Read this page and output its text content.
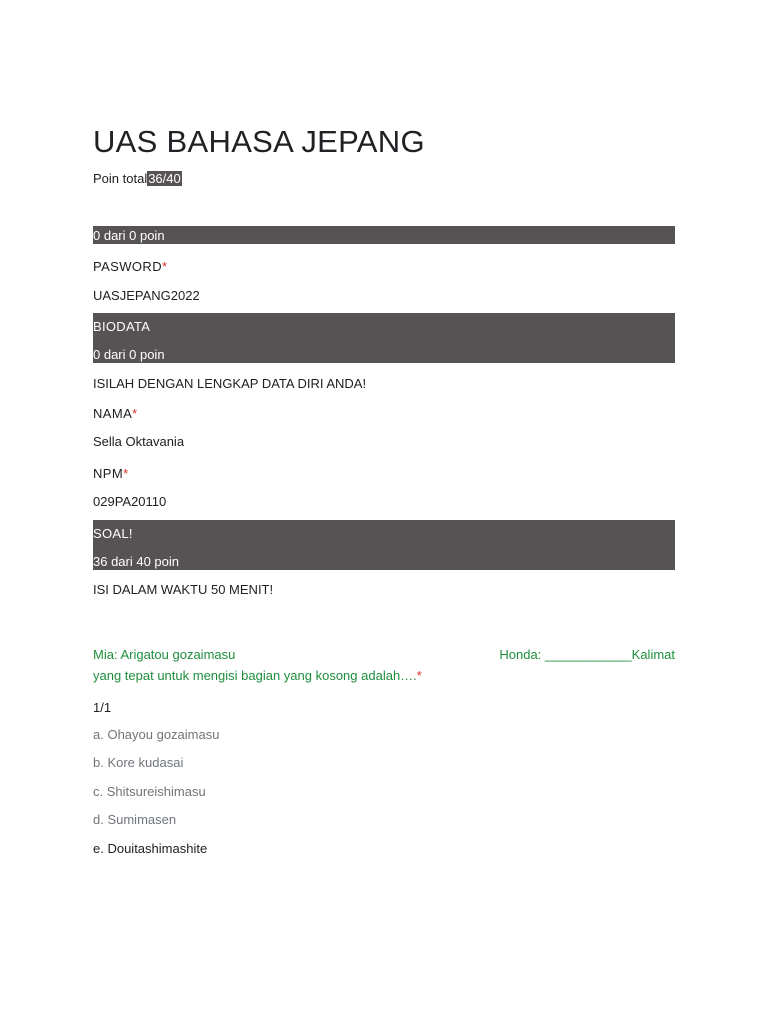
UAS BAHASA JEPANG
Poin total36/40
0 dari 0 poin
PASWORD*
UASJEPANG2022
BIODATA
0 dari 0 poin
ISILAH DENGAN LENGKAP DATA DIRI ANDA!
NAMA*
Sella Oktavania
NPM*
029PA20110
SOAL!
36 dari 40 poin
ISI DALAM WAKTU 50 MENIT!
Mia: Arigatou gozaimasu	Honda: ____________Kalimat
yang tepat untuk mengisi bagian yang kosong adalah….*
1/1
a. Ohayou gozaimasu
b. Kore kudasai
c. Shitsureishimasu
d. Sumimasen
e. Douitashimashite
